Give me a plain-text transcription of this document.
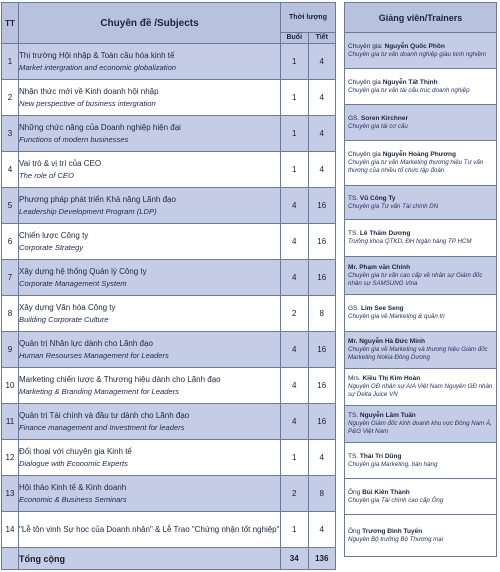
TT	Chuyên đề /Subjects	Thời lượng	
		Buổi	Tiết
1	Thị trường Hội nhập & Toàn cầu hóa kinh tế
Market intergration and economic globalization	1	4
2	Nhận thức mới về Kinh doanh hội nhập
New perspective of business intergration	1	4
3	Những chức năng của Doanh nghiệp hiện đại
Functions of modern businesses	1	4
4	Vai trò & vị trí của CEO
The role of CEO	1	4
5	Phương pháp phát triển Khả năng Lãnh đạo
Leadership Development Program (LDP)	4	16
6	Chiến lược Công ty
Corporate Strategy	4	16
7	Xây dựng hệ thống Quản lý Công ty
Corporate Management System	4	16
8	Xây dựng Văn hóa Công ty
Building Corporate Culture	2	8
9	Quản trị Nhân lực dành cho Lãnh đạo
Human Resourses Management for Leaders	4	16
10	Marketing chiến lược & Thương hiệu dành cho Lãnh đạo
Marketing & Branding Management for Leaders	4	16
11	Quản trị Tài chính và đầu tư dành cho Lãnh đạo
Finance management and Investment for leaders	4	16
12	Đối thoại với chuyên gia Kinh tế
Dialogue with Economic Experts	1	4
13	Hội thảo Kinh tế & Kinh doanh
Economic & Business Seminars	2	8
14	"Lễ tôn vinh Sự học của Doanh nhân" & Lễ Trao "Chứng nhận tốt nghiệp"	1	4
	Tổng cộng	34	136
Giảng viên/Trainers

Chuyên gia: Nguyễn Quốc Phồn
Chuyên gia tư vấn doanh nghiệp giàu kinh nghiệm

Chuyên gia Nguyễn Tất Thịnh
Chuyên gia tư vấn tái cấu trúc doanh nghiệp

GS. Soren Kirchner
Chuyên gia tái cơ cấu

Chuyên gia Nguyễn Hoàng Phương
Chuyên gia tư vấn Marketing thương hiệu Tư vấn thương của nhiều tổ chức tập đoàn

TS. Vũ Công Ty
Chuyên gia Tư vấn Tài chính DN

TS. Lê Thẩm Dương
Trưởng khoa QTKD, ĐH Ngân hàng TP HCM

Mr. Phạm văn Chính
Chuyên gia tư vấn cao cấp về nhân sự Giám đốc nhân sự SAMSUNG Vina

GS. Lim See Seng
Chuyên gia về Marketing & quản trị

Mr. Nguyễn Hà Đức Minh
Chuyên gia về Marketing và thương hiệu Giám đốc Marketing Nokia Đông Dương

Mrs. Kiều Thị Kim Hoàn
Nguyên GĐ nhân sự AIA Việt Nam Nguyên GĐ nhân sự Delta Juice VN

TS. Nguyễn Lâm Tuấn
Nguyên Giám đốc kinh doanh khu vực Đông Nam Á, P&G Việt Nam

TS. Thái Trí Dũng
Chuyên gia Marketing, bán hàng

Ông Bùi Kiên Thành
Chuyên gia Tài chính cao cấp Ông

Ông Trương Đình Tuyển
Nguyên Bộ trưởng Bộ Thương mại
